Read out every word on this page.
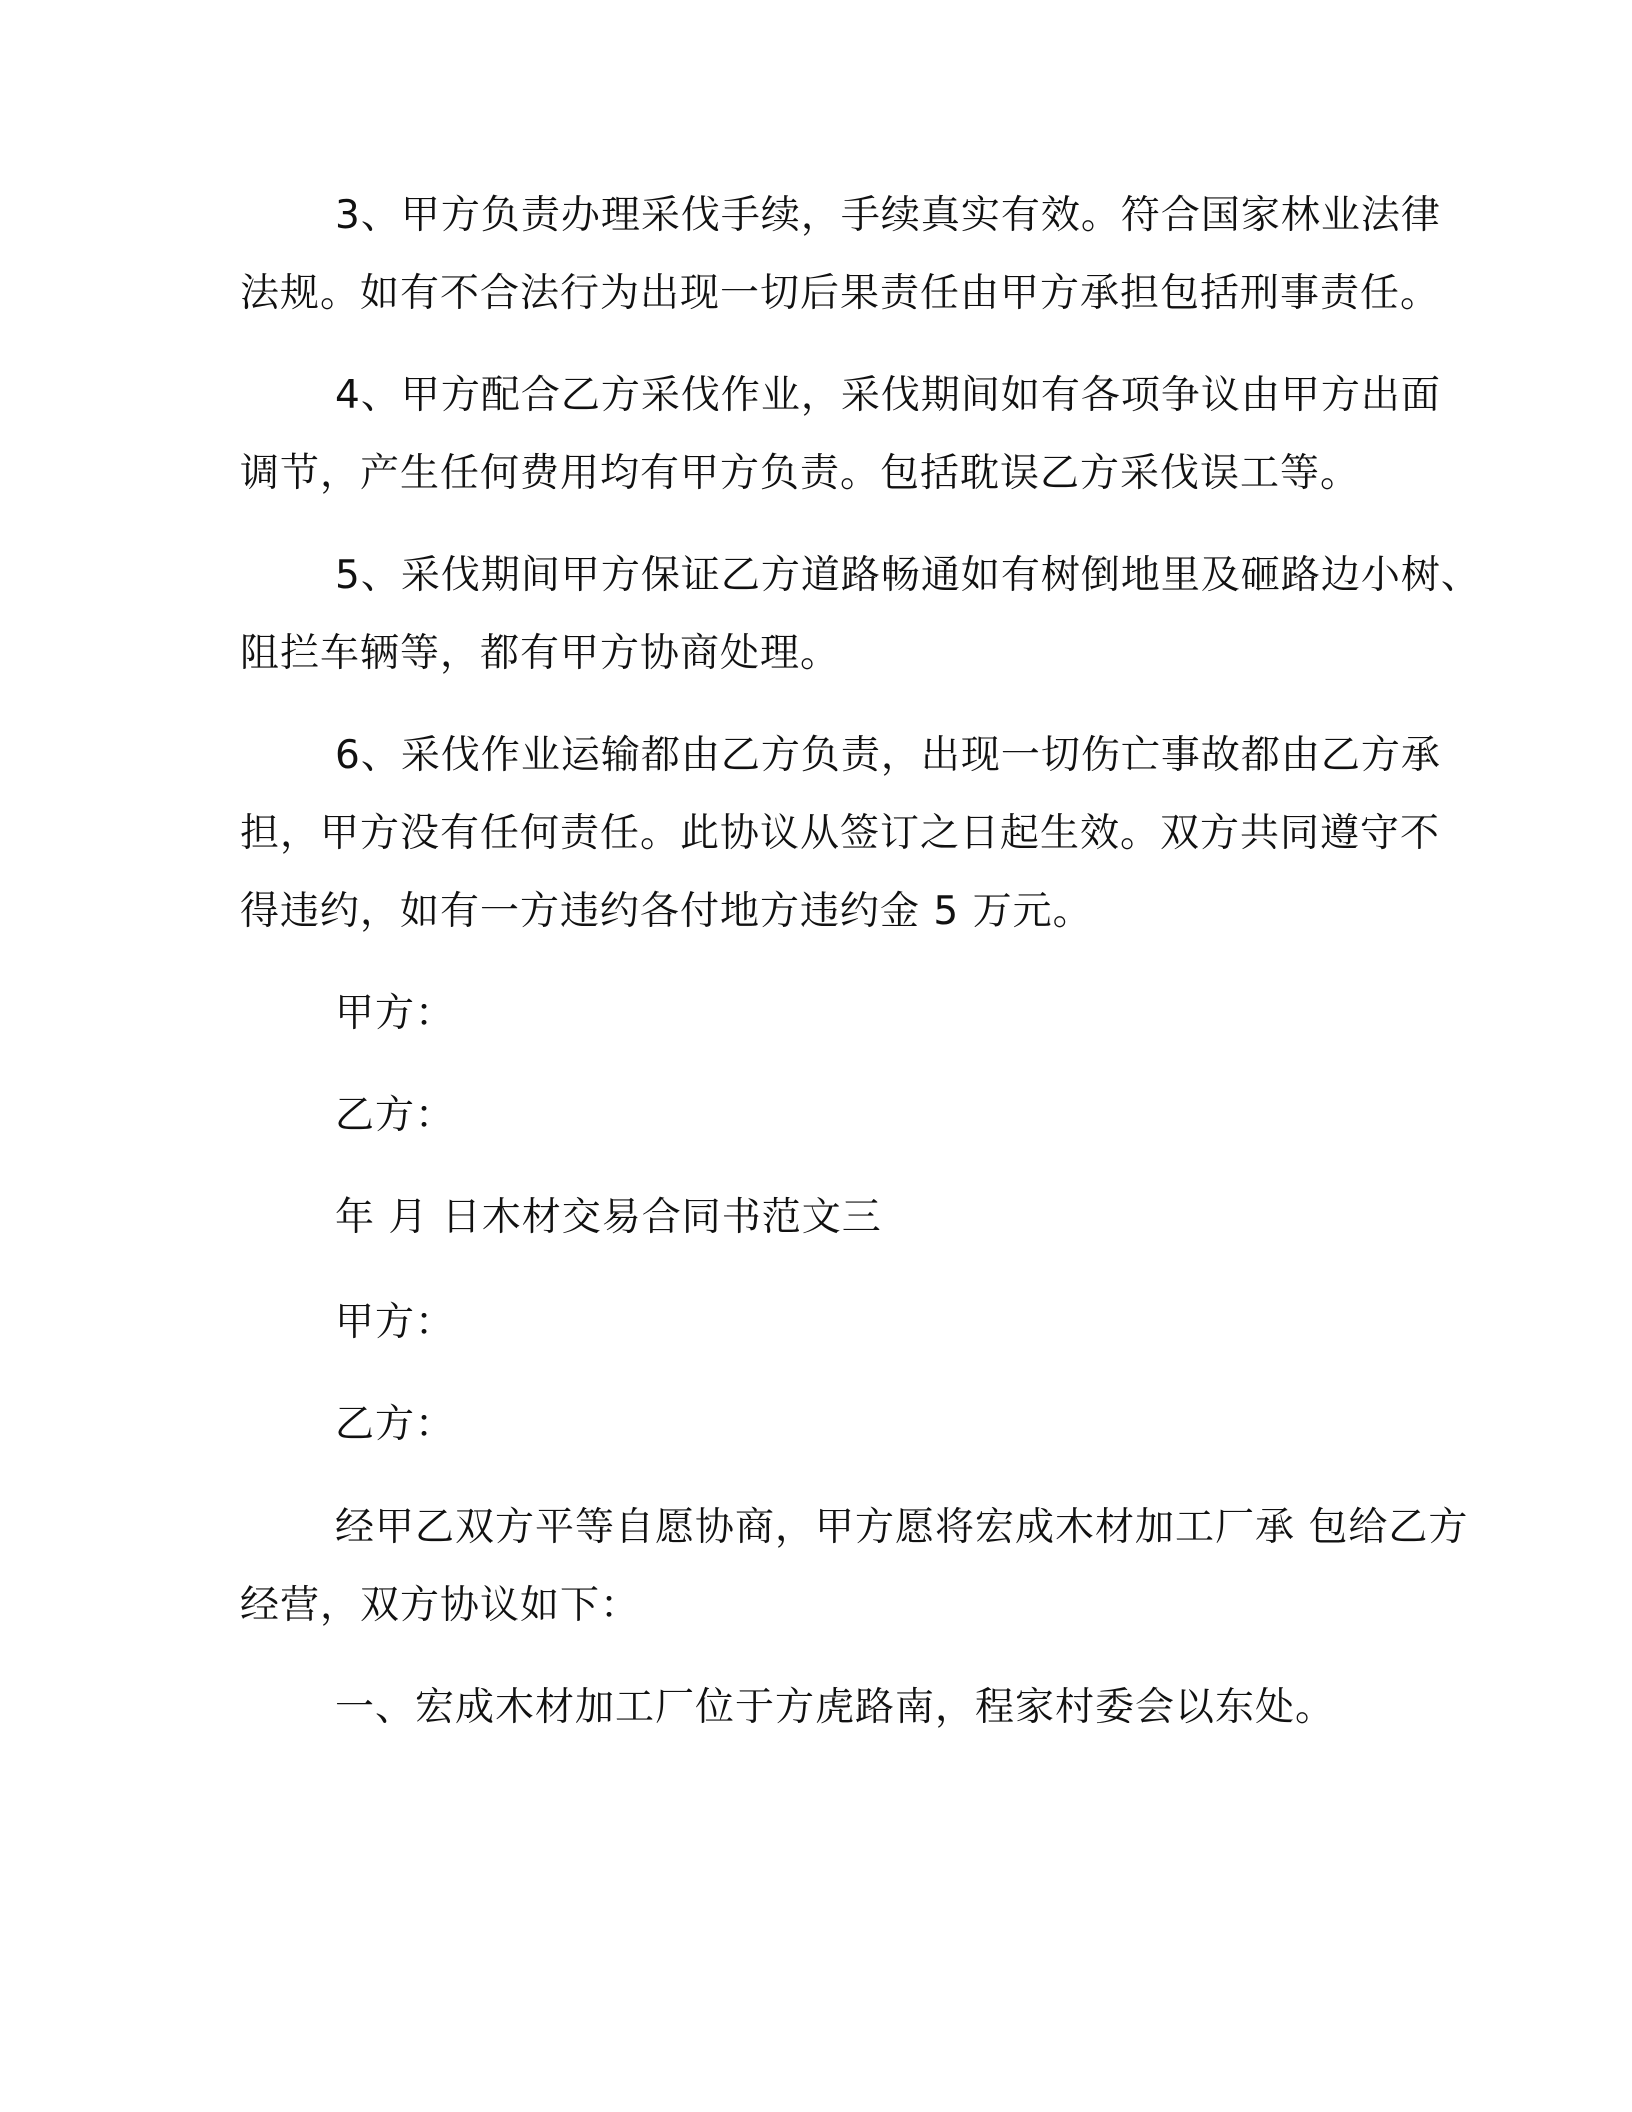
3、甲方负责办理采伐手续，手续真实有效。符合国家林业法律
法规。如有不合法行为出现一切后果责任由甲方承担包括刑事责任。
4、甲方配合乙方采伐作业，采伐期间如有各项争议由甲方出面
调节，产生任何费用均有甲方负责。包括耽误乙方采伐误工等。
5、采伐期间甲方保证乙方道路畅通如有树倒地里及砸路边小树、
阻拦车辆等，都有甲方协商处理。
6、采伐作业运输都由乙方负责，出现一切伤亡事故都由乙方承
担，甲方没有任何责任。此协议从签订之日起生效。双方共同遵守不
得违约，如有一方违约各付地方违约金 5 万元。
甲方：
乙方：
年 月 日木材交易合同书范文三
甲方：
乙方：
经甲乙双方平等自愿协商，甲方愿将宏成木材加工厂承 包给乙方
经营，双方协议如下：
一、宏成木材加工厂位于方虎路南，程家村委会以东处。
